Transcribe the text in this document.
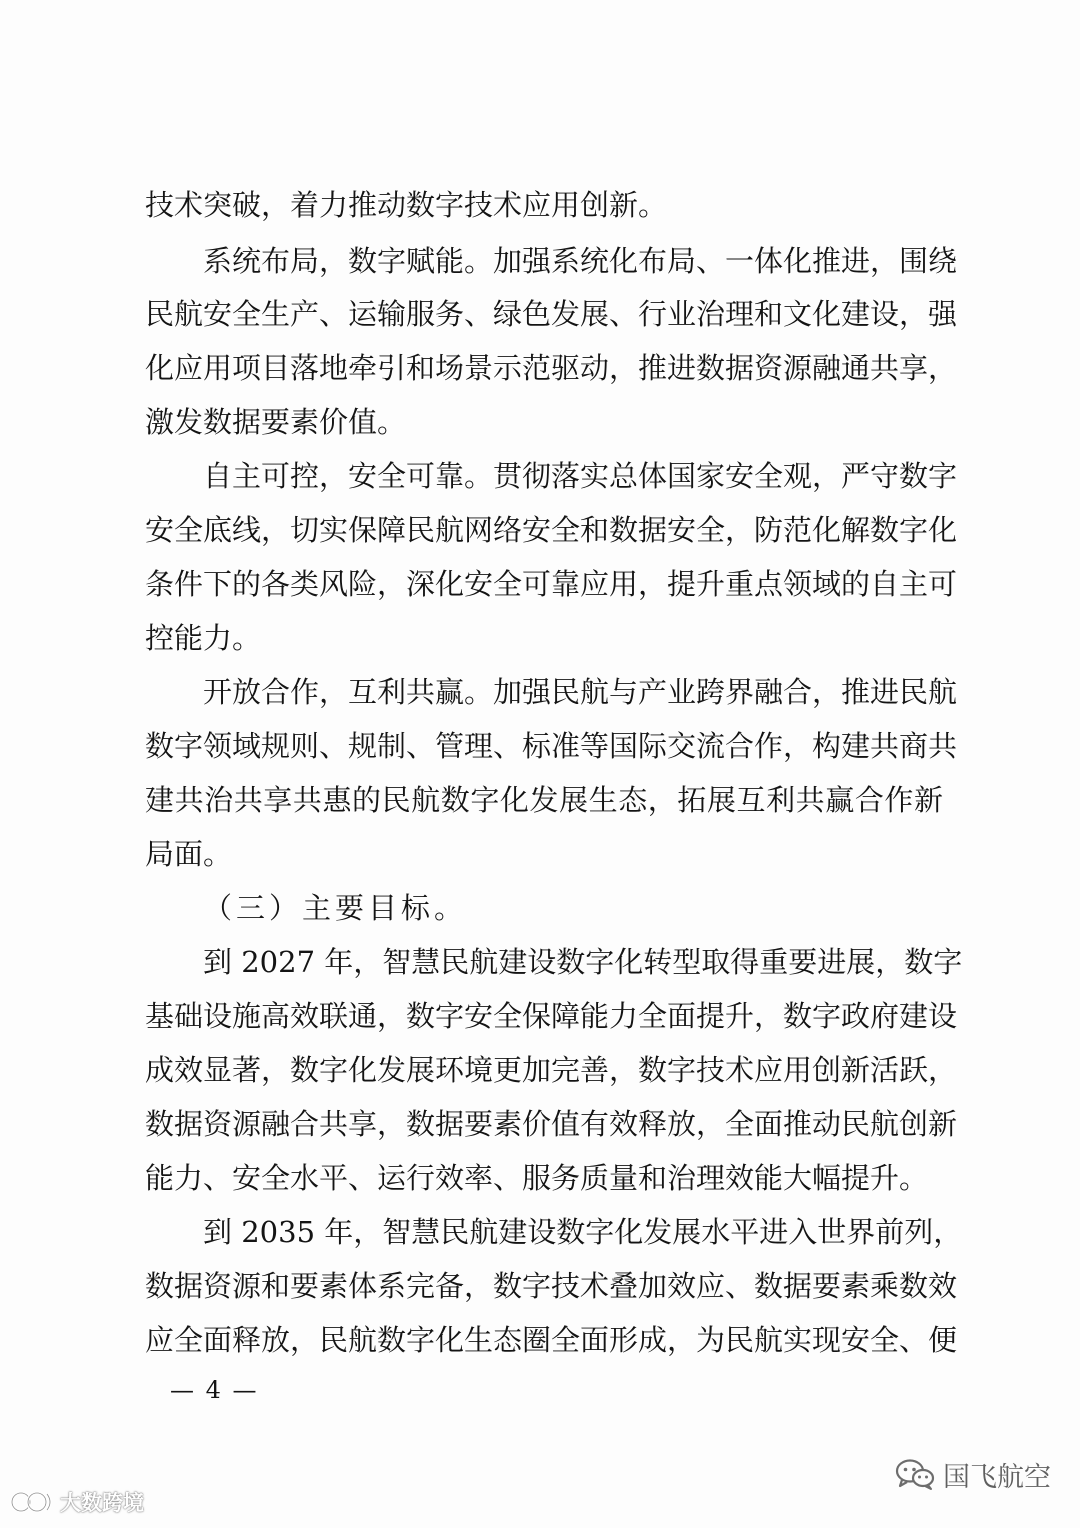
技术突破，着力推动数字技术应用创新。
系统布局，数字赋能。加强系统化布局、一体化推进，围绕
民航安全生产、运输服务、绿色发展、行业治理和文化建设，强
化应用项目落地牵引和场景示范驱动，推进数据资源融通共享，
激发数据要素价值。
自主可控，安全可靠。贯彻落实总体国家安全观，严守数字
安全底线，切实保障民航网络安全和数据安全，防范化解数字化
条件下的各类风险，深化安全可靠应用，提升重点领域的自主可
控能力。
开放合作，互利共赢。加强民航与产业跨界融合，推进民航
数字领域规则、规制、管理、标准等国际交流合作，构建共商共
建共治共享共惠的民航数字化发展生态，拓展互利共赢合作新
局面。
（三）主要目标。
到 2027 年，智慧民航建设数字化转型取得重要进展，数字
基础设施高效联通，数字安全保障能力全面提升，数字政府建设
成效显著，数字化发展环境更加完善，数字技术应用创新活跃，
数据资源融合共享，数据要素价值有效释放，全面推动民航创新
能力、安全水平、运行效率、服务质量和治理效能大幅提升。
到 2035 年，智慧民航建设数字化发展水平进入世界前列，
数据资源和要素体系完备，数字技术叠加效应、数据要素乘数效
应全面释放，民航数字化生态圈全面形成，为民航实现安全、便
— 4 —
国飞航空
大数跨境
